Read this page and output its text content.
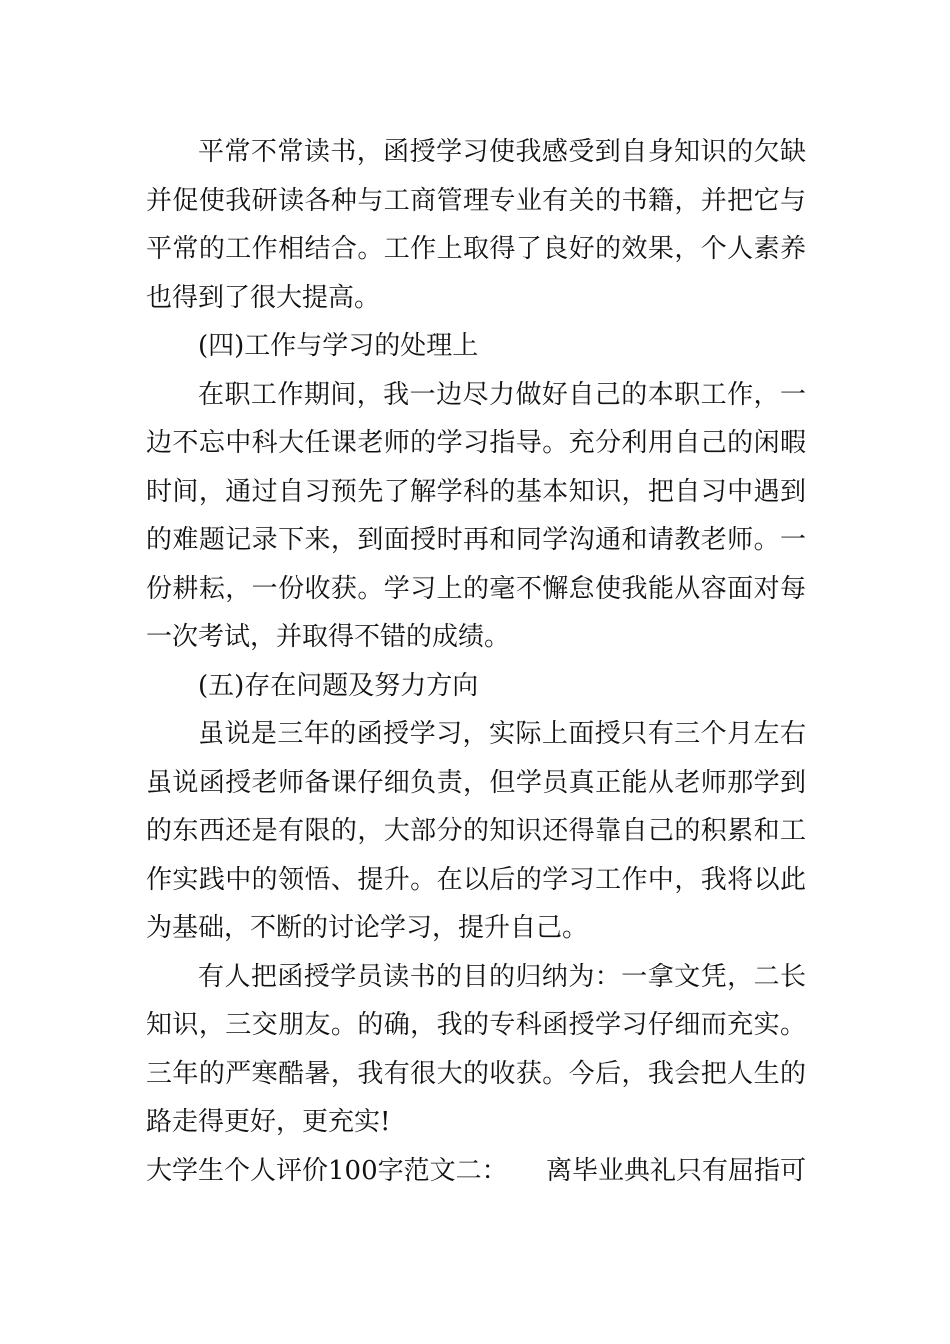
平常不常读书，函授学习使我感受到自身知识的欠缺
并促使我研读各种与工商管理专业有关的书籍，并把它与
平常的工作相结合。工作上取得了良好的效果，个人素养
也得到了很大提高。
(四)工作与学习的处理上
在职工作期间，我一边尽力做好自己的本职工作，一
边不忘中科大任课老师的学习指导。充分利用自己的闲暇
时间，通过自习预先了解学科的基本知识，把自习中遇到
的难题记录下来，到面授时再和同学沟通和请教老师。一
份耕耘，一份收获。学习上的毫不懈怠使我能从容面对每
一次考试，并取得不错的成绩。
(五)存在问题及努力方向
虽说是三年的函授学习，实际上面授只有三个月左右
虽说函授老师备课仔细负责，但学员真正能从老师那学到
的东西还是有限的，大部分的知识还得靠自己的积累和工
作实践中的领悟、提升。在以后的学习工作中，我将以此
为基础，不断的讨论学习，提升自己。
有人把函授学员读书的目的归纳为：一拿文凭，二长
知识，三交朋友。的确，我的专科函授学习仔细而充实。
三年的严寒酷暑，我有很大的收获。今后，我会把人生的
路走得更好，更充实!
大学生个人评价100字范文二： 离毕业典礼只有屈指可
